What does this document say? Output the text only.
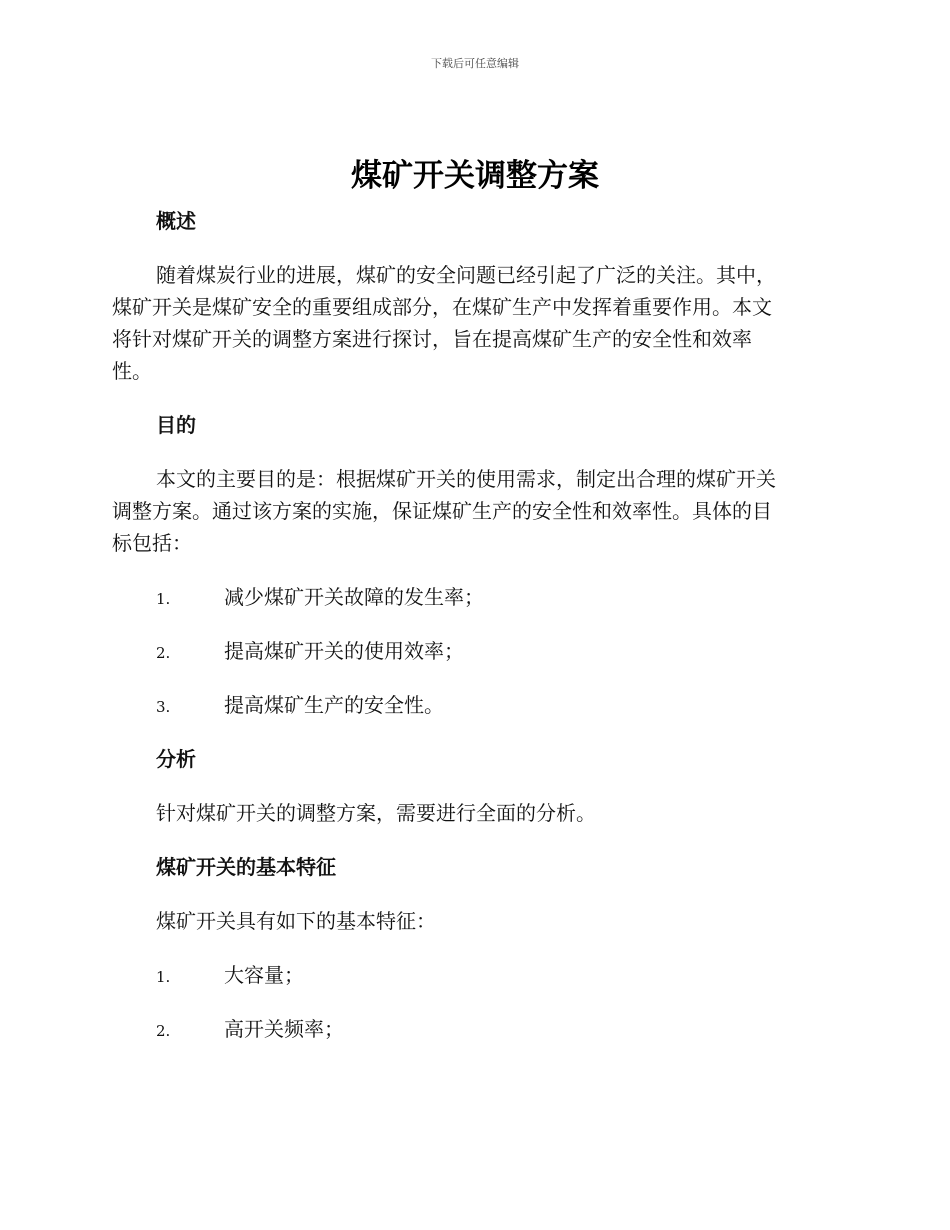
下载后可任意编辑
煤矿开关调整方案
概述
随着煤炭行业的进展，煤矿的安全问题已经引起了广泛的关注。其中，
煤矿开关是煤矿安全的重要组成部分，在煤矿生产中发挥着重要作用。本文
将针对煤矿开关的调整方案进行探讨，旨在提高煤矿生产的安全性和效率
性。
目的
本文的主要目的是：根据煤矿开关的使用需求，制定出合理的煤矿开关
调整方案。通过该方案的实施，保证煤矿生产的安全性和效率性。具体的目
标包括：
1.	减少煤矿开关故障的发生率；
2.	提高煤矿开关的使用效率；
3.	提高煤矿生产的安全性。
分析
针对煤矿开关的调整方案，需要进行全面的分析。
煤矿开关的基本特征
煤矿开关具有如下的基本特征：
1.	大容量；
2.	高开关频率；
